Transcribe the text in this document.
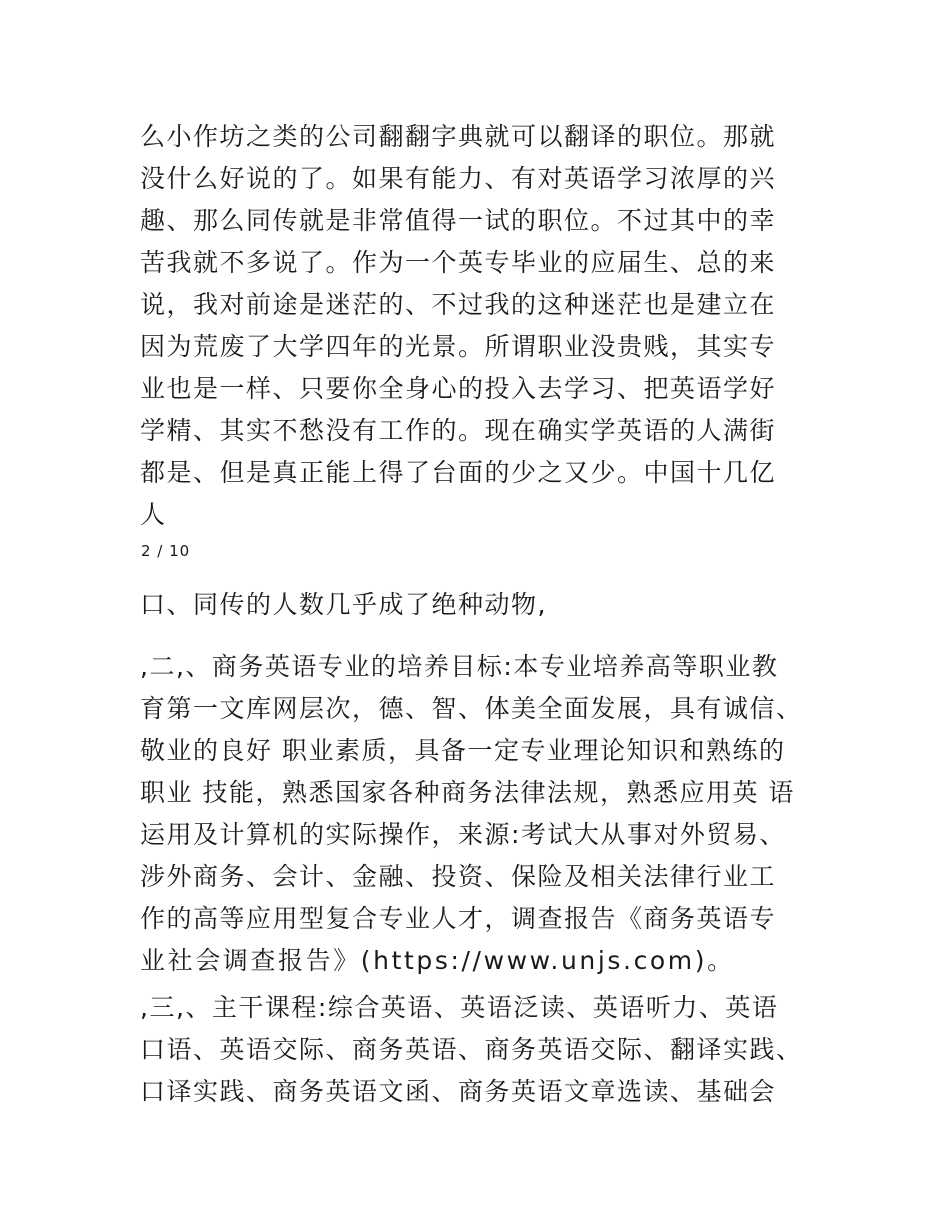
么小作坊之类的公司翻翻字典就可以翻译的职位。那就
没什么好说的了。如果有能力、有对英语学习浓厚的兴
趣、那么同传就是非常值得一试的职位。不过其中的幸
苦我就不多说了。作为一个英专毕业的应届生、总的来
说，我对前途是迷茫的、不过我的这种迷茫也是建立在
因为荒废了大学四年的光景。所谓职业没贵贱，其实专
业也是一样、只要你全身心的投入去学习、把英语学好
学精、其实不愁没有工作的。现在确实学英语的人满街
都是、但是真正能上得了台面的少之又少。中国十几亿
人
2 / 10
口、同传的人数几乎成了绝种动物,
,二,、商务英语专业的培养目标:本专业培养高等职业教
育第一文库网层次，德、智、体美全面发展，具有诚信、
敬业的良好 职业素质，具备一定专业理论知识和熟练的
职业 技能，熟悉国家各种商务法律法规，熟悉应用英 语
运用及计算机的实际操作，来源:考试大从事对外贸易、
涉外商务、会计、金融、投资、保险及相关法律行业工
作的高等应用型复合专业人才，调查报告《商务英语专
业社会调查报告》(https://www.unjs.com)。
,三,、主干课程:综合英语、英语泛读、英语听力、英语
口语、英语交际、商务英语、商务英语交际、翻译实践、
口译实践、商务英语文函、商务英语文章选读、基础会
